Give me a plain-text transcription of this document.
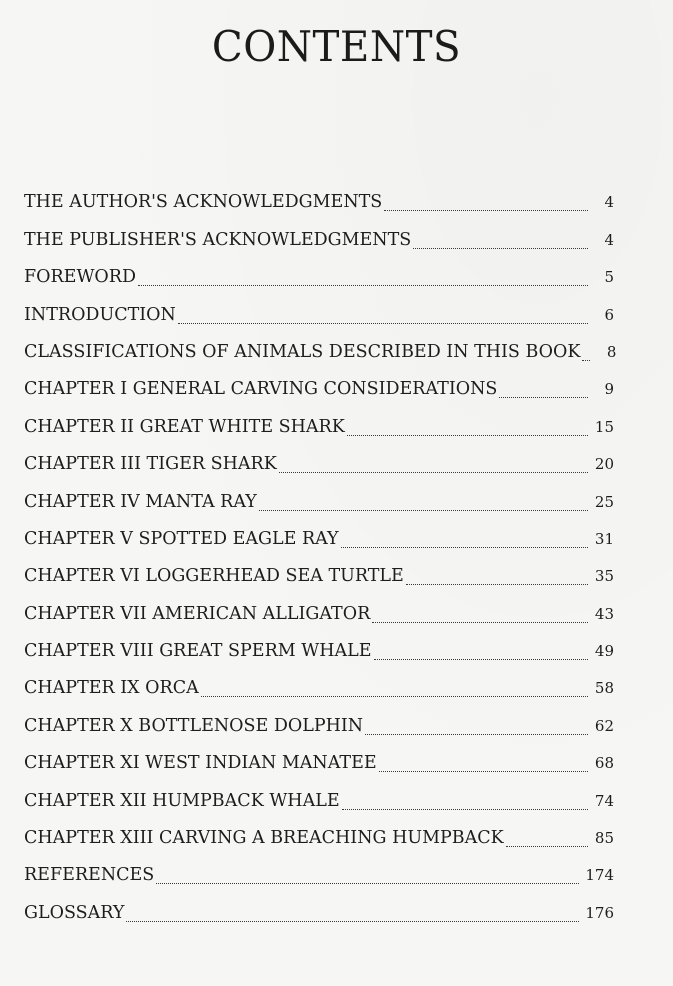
CONTENTS
THE AUTHOR'S ACKNOWLEDGMENTS	4
THE PUBLISHER'S ACKNOWLEDGMENTS	4
FOREWORD	5
INTRODUCTION	6
CLASSIFICATIONS OF ANIMALS DESCRIBED IN THIS BOOK	8
CHAPTER I GENERAL CARVING CONSIDERATIONS	9
CHAPTER II GREAT WHITE SHARK	15
CHAPTER III TIGER SHARK	20
CHAPTER IV MANTA RAY	25
CHAPTER V SPOTTED EAGLE RAY	31
CHAPTER VI LOGGERHEAD SEA TURTLE	35
CHAPTER VII AMERICAN ALLIGATOR	43
CHAPTER VIII GREAT SPERM WHALE	49
CHAPTER IX ORCA	58
CHAPTER X BOTTLENOSE DOLPHIN	62
CHAPTER XI WEST INDIAN MANATEE	68
CHAPTER XII HUMPBACK WHALE	74
CHAPTER XIII CARVING A BREACHING HUMPBACK	85
REFERENCES	174
GLOSSARY	176
